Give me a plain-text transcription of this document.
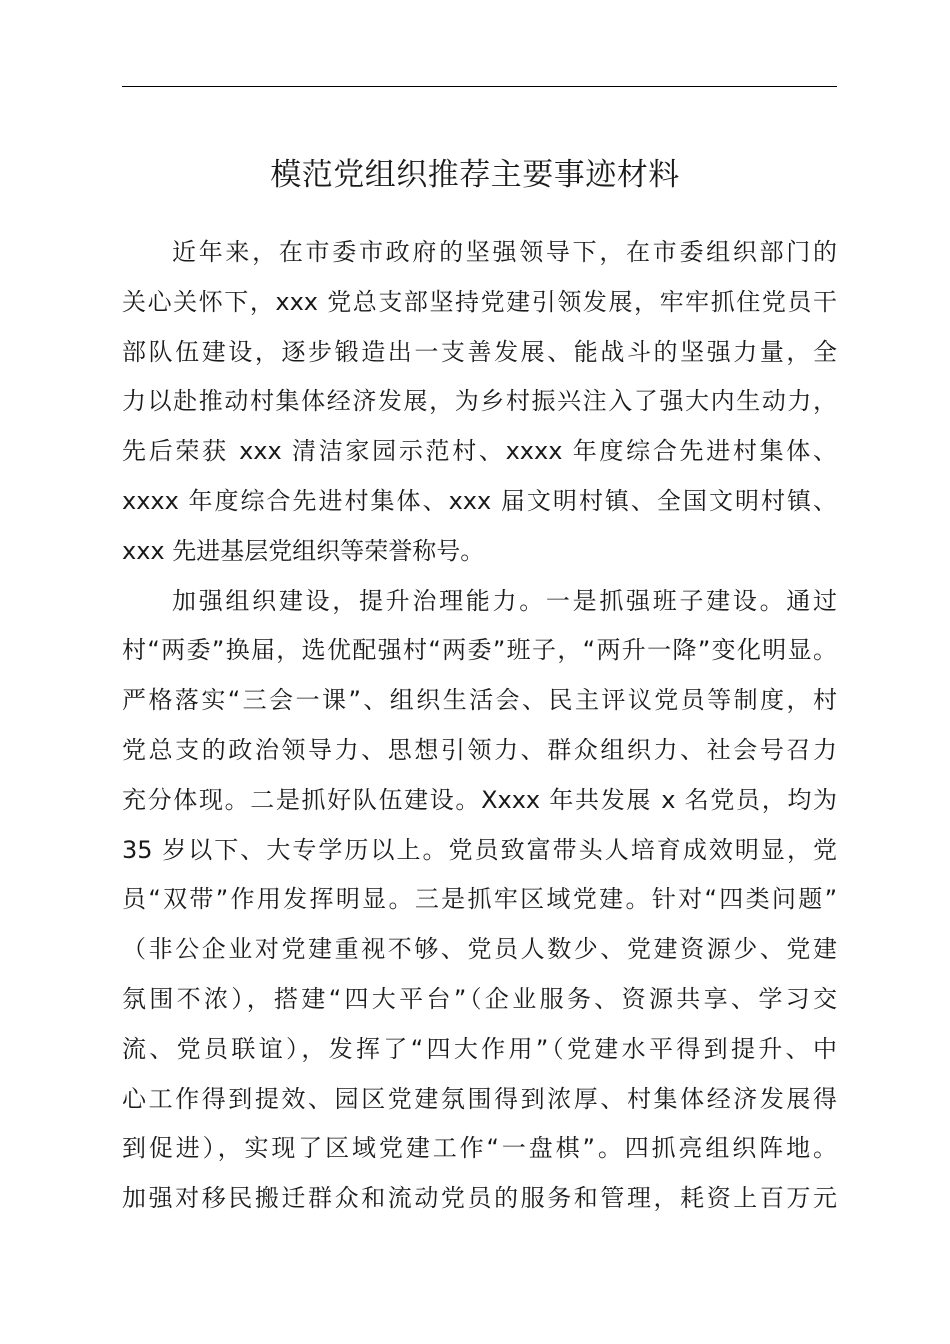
模范党组织推荐主要事迹材料
近年来，在市委市政府的坚强领导下，在市委组织部门的
关心关怀下，xxx 党总支部坚持党建引领发展，牢牢抓住党员干
部队伍建设，逐步锻造出一支善发展、能战斗的坚强力量，全
力以赴推动村集体经济发展，为乡村振兴注入了强大内生动力，
先后荣获 xxx 清洁家园示范村、xxxx 年度综合先进村集体、
xxxx 年度综合先进村集体、xxx 届文明村镇、全国文明村镇、
xxx 先进基层党组织等荣誉称号。
加强组织建设，提升治理能力。一是抓强班子建设。通过
村“两委”换届，选优配强村“两委”班子，“两升一降”变化明显。
严格落实“三会一课”、组织生活会、民主评议党员等制度，村
党总支的政治领导力、思想引领力、群众组织力、社会号召力
充分体现。二是抓好队伍建设。Xxxx 年共发展 x 名党员，均为
35 岁以下、大专学历以上。党员致富带头人培育成效明显，党
员“双带”作用发挥明显。三是抓牢区域党建。针对“四类问题”
（非公企业对党建重视不够、党员人数少、党建资源少、党建
氛围不浓），搭建“四大平台”（企业服务、资源共享、学习交
流、党员联谊），发挥了“四大作用”（党建水平得到提升、中
心工作得到提效、园区党建氛围得到浓厚、村集体经济发展得
到促进），实现了区域党建工作“一盘棋”。四抓亮组织阵地。
加强对移民搬迁群众和流动党员的服务和管理，耗资上百万元
